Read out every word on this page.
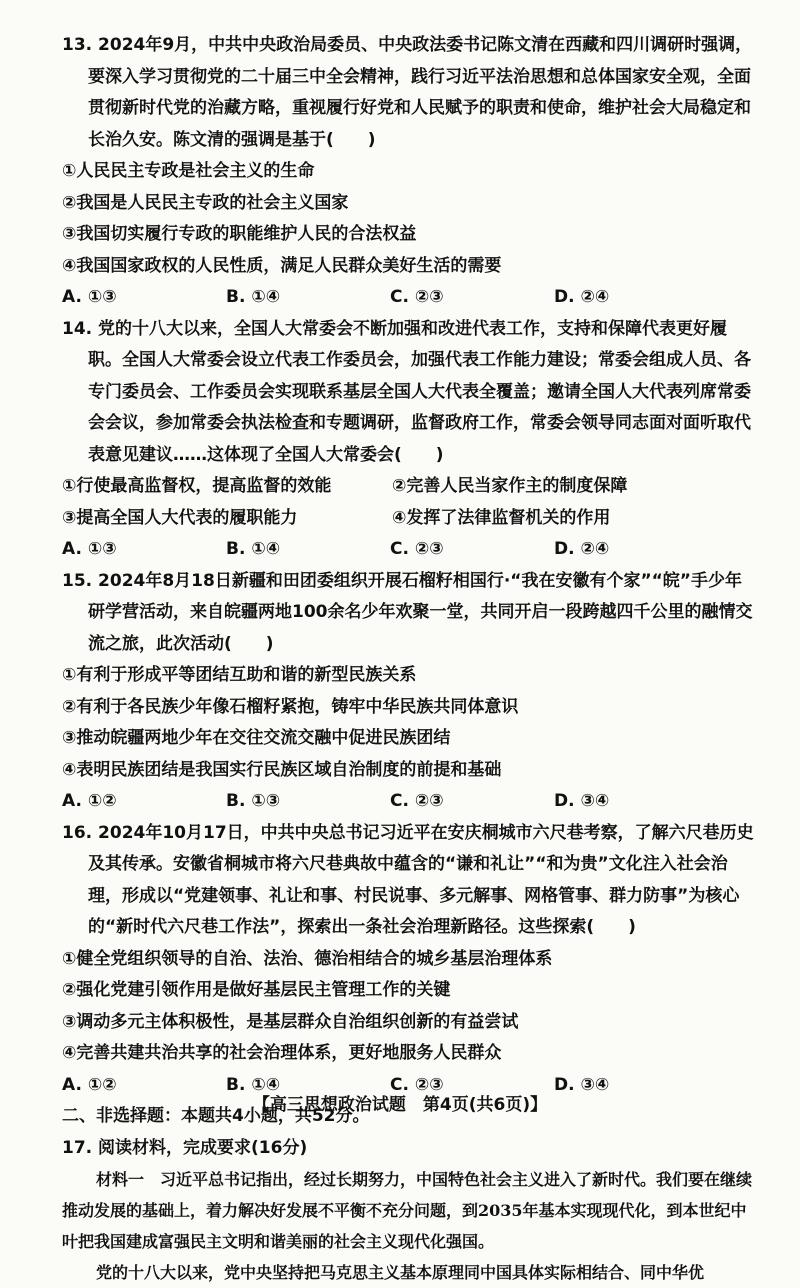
13. 2024年9月，中共中央政治局委员、中央政法委书记陈文清在西藏和四川调研时强调，要深入学习贯彻党的二十届三中全会精神，践行习近平法治思想和总体国家安全观，全面贯彻新时代党的治藏方略，重视履行好党和人民赋予的职责和使命，维护社会大局稳定和长治久安。陈文清的强调是基于(　　)

①人民民主专政是社会主义的生命

②我国是人民民主专政的社会主义国家

③我国切实履行专政的职能维护人民的合法权益

④我国国家政权的人民性质，满足人民群众美好生活的需要

A. ①③	B. ①④	C. ②③	D. ②④

14. 党的十八大以来，全国人大常委会不断加强和改进代表工作，支持和保障代表更好履职。全国人大常委会设立代表工作委员会，加强代表工作能力建设；常委会组成人员、各专门委员会、工作委员会实现联系基层全国人大代表全覆盖；邀请全国人大代表列席常委会会议，参加常委会执法检查和专题调研，监督政府工作，常委会领导同志面对面听取代表意见建议……这体现了全国人大常委会(　　)

①行使最高监督权，提高监督的效能	②完善人民当家作主的制度保障

③提高全国人大代表的履职能力	④发挥了法律监督机关的作用

A. ①③	B. ①④	C. ②③	D. ②④

15. 2024年8月18日新疆和田团委组织开展石榴籽相国行·“我在安徽有个家”“皖”手少年研学营活动，来自皖疆两地100余名少年欢聚一堂，共同开启一段跨越四千公里的融情交流之旅，此次活动(　　)

①有利于形成平等团结互助和谐的新型民族关系

②有利于各民族少年像石榴籽紧抱，铸牢中华民族共同体意识

③推动皖疆两地少年在交往交流交融中促进民族团结

④表明民族团结是我国实行民族区域自治制度的前提和基础

A. ①②	B. ①③	C. ②③	D. ③④

16. 2024年10月17日，中共中央总书记习近平在安庆桐城市六尺巷考察，了解六尺巷历史及其传承。安徽省桐城市将六尺巷典故中蕴含的“谦和礼让”“和为贵”文化注入社会治理，形成以“党建领事、礼让和事、村民说事、多元解事、网格管事、群力防事”为核心的“新时代六尺巷工作法”，探索出一条社会治理新路径。这些探索(　　)

①健全党组织领导的自治、法治、德治相结合的城乡基层治理体系

②强化党建引领作用是做好基层民主管理工作的关键

③调动多元主体积极性，是基层群众自治组织创新的有益尝试

④完善共建共治共享的社会治理体系，更好地服务人民群众

A. ①②	B. ①④	C. ②③	D. ③④

二、非选择题：本题共4小题，共52分。

17. 阅读材料，完成要求(16分)

材料一　习近平总书记指出，经过长期努力，中国特色社会主义进入了新时代。我们要在继续推动发展的基础上，着力解决好发展不平衡不充分问题，到2035年基本实现现代化，到本世纪中叶把我国建成富强民主文明和谐美丽的社会主义现代化强国。

党的十八大以来，党中央坚持把马克思主义基本原理同中国具体实际相结合、同中华优

【高三思想政治试题　第4页(共6页)】
